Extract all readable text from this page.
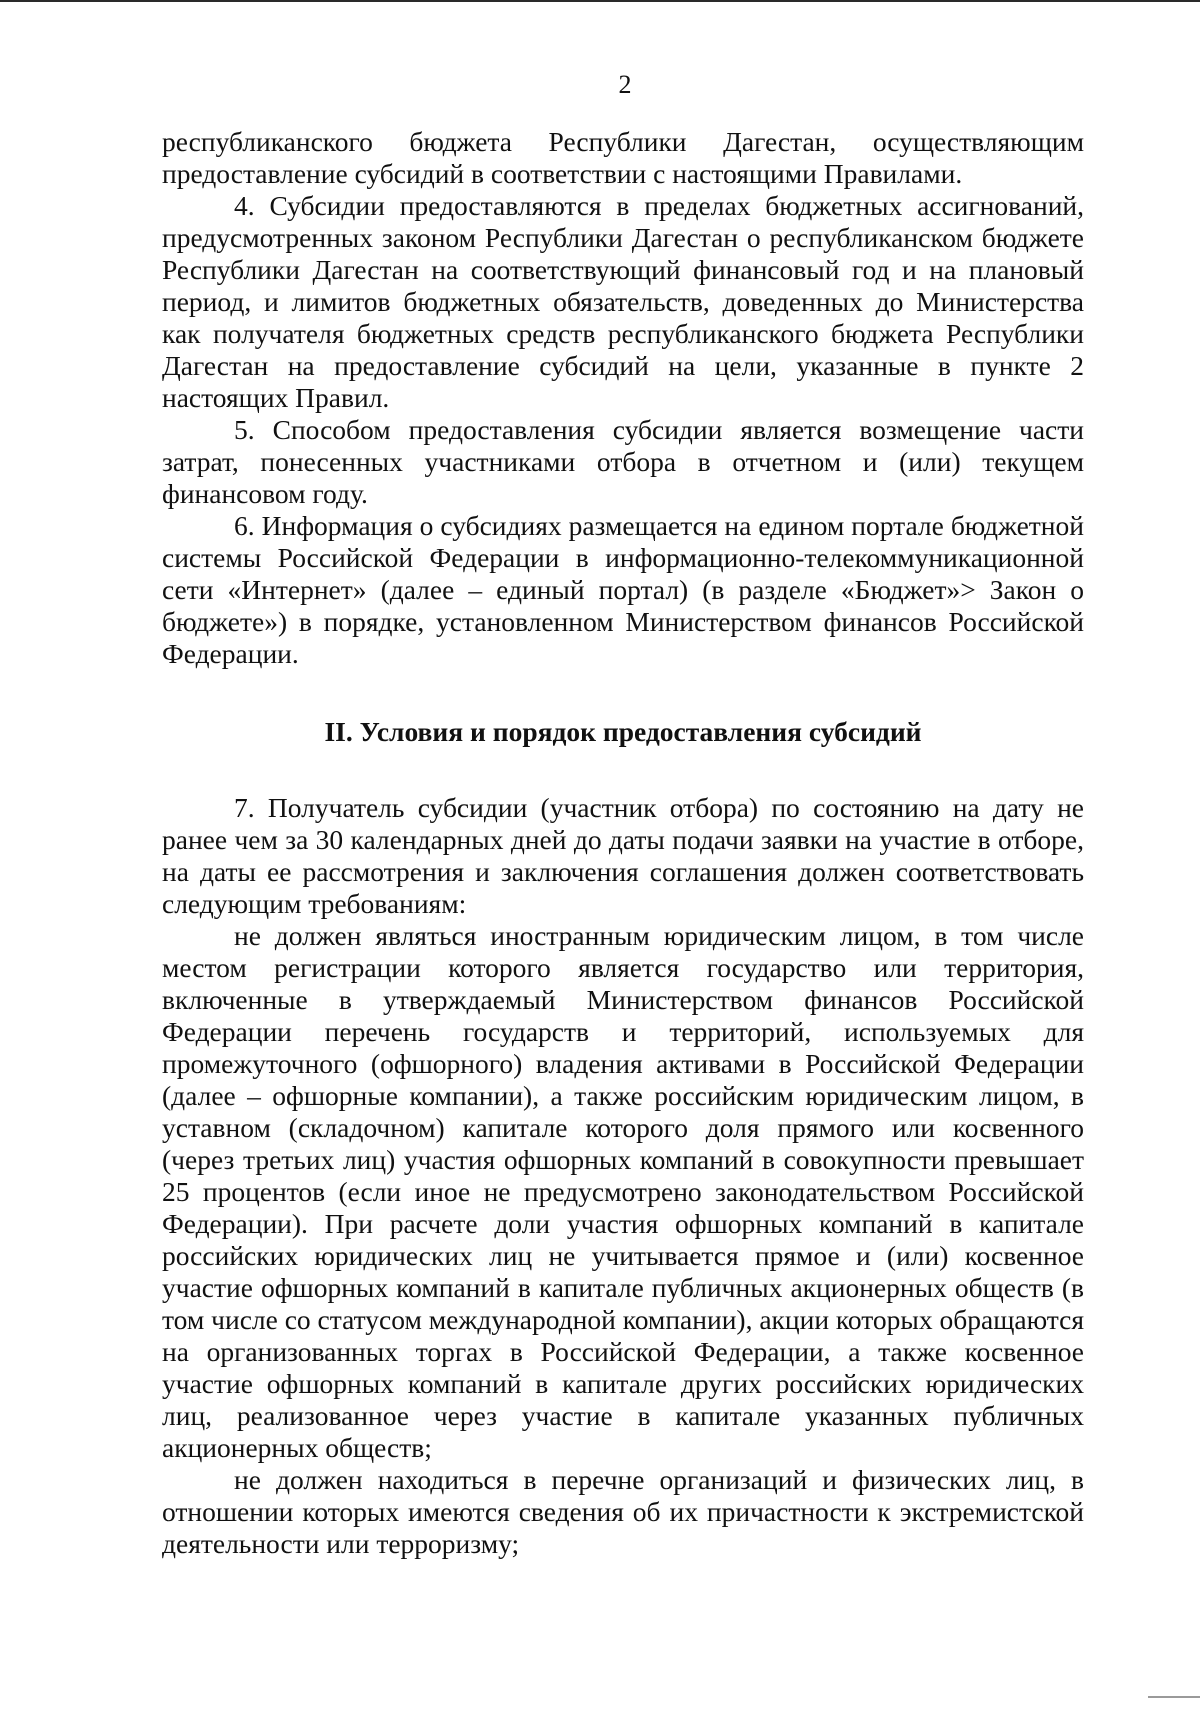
2

республиканского бюджета Республики Дагестан, осуществляющим предоставление субсидий в соответствии с настоящими Правилами.

4. Субсидии предоставляются в пределах бюджетных ассигнований, предусмотренных законом Республики Дагестан о республиканском бюджете Республики Дагестан на соответствующий финансовый год и на плановый период, и лимитов бюджетных обязательств, доведенных до Министерства как получателя бюджетных средств республиканского бюджета Республики Дагестан на предоставление субсидий на цели, указанные в пункте 2 настоящих Правил.

5. Способом предоставления субсидии является возмещение части затрат, понесенных участниками отбора в отчетном и (или) текущем финансовом году.

6. Информация о субсидиях размещается на едином портале бюджетной системы Российской Федерации в информационно-телекоммуникационной сети «Интернет» (далее – единый портал) (в разделе «Бюджет»> Закон о бюджете») в порядке, установленном Министерством финансов Российской Федерации.

II. Условия и порядок предоставления субсидий

7. Получатель субсидии (участник отбора) по состоянию на дату не ранее чем за 30 календарных дней до даты подачи заявки на участие в отборе, на даты ее рассмотрения и заключения соглашения должен соответствовать следующим требованиям:

не должен являться иностранным юридическим лицом, в том числе местом регистрации которого является государство или территория, включенные в утверждаемый Министерством финансов Российской Федерации перечень государств и территорий, используемых для промежуточного (офшорного) владения активами в Российской Федерации (далее – офшорные компании), а также российским юридическим лицом, в уставном (складочном) капитале которого доля прямого или косвенного (через третьих лиц) участия офшорных компаний в совокупности превышает 25 процентов (если иное не предусмотрено законодательством Российской Федерации). При расчете доли участия офшорных компаний в капитале российских юридических лиц не учитывается прямое и (или) косвенное участие офшорных компаний в капитале публичных акционерных обществ (в том числе со статусом международной компании), акции которых обращаются на организованных торгах в Российской Федерации, а также косвенное участие офшорных компаний в капитале других российских юридических лиц, реализованное через участие в капитале указанных публичных акционерных обществ;

не должен находиться в перечне организаций и физических лиц, в отношении которых имеются сведения об их причастности к экстремистской деятельности или терроризму;
